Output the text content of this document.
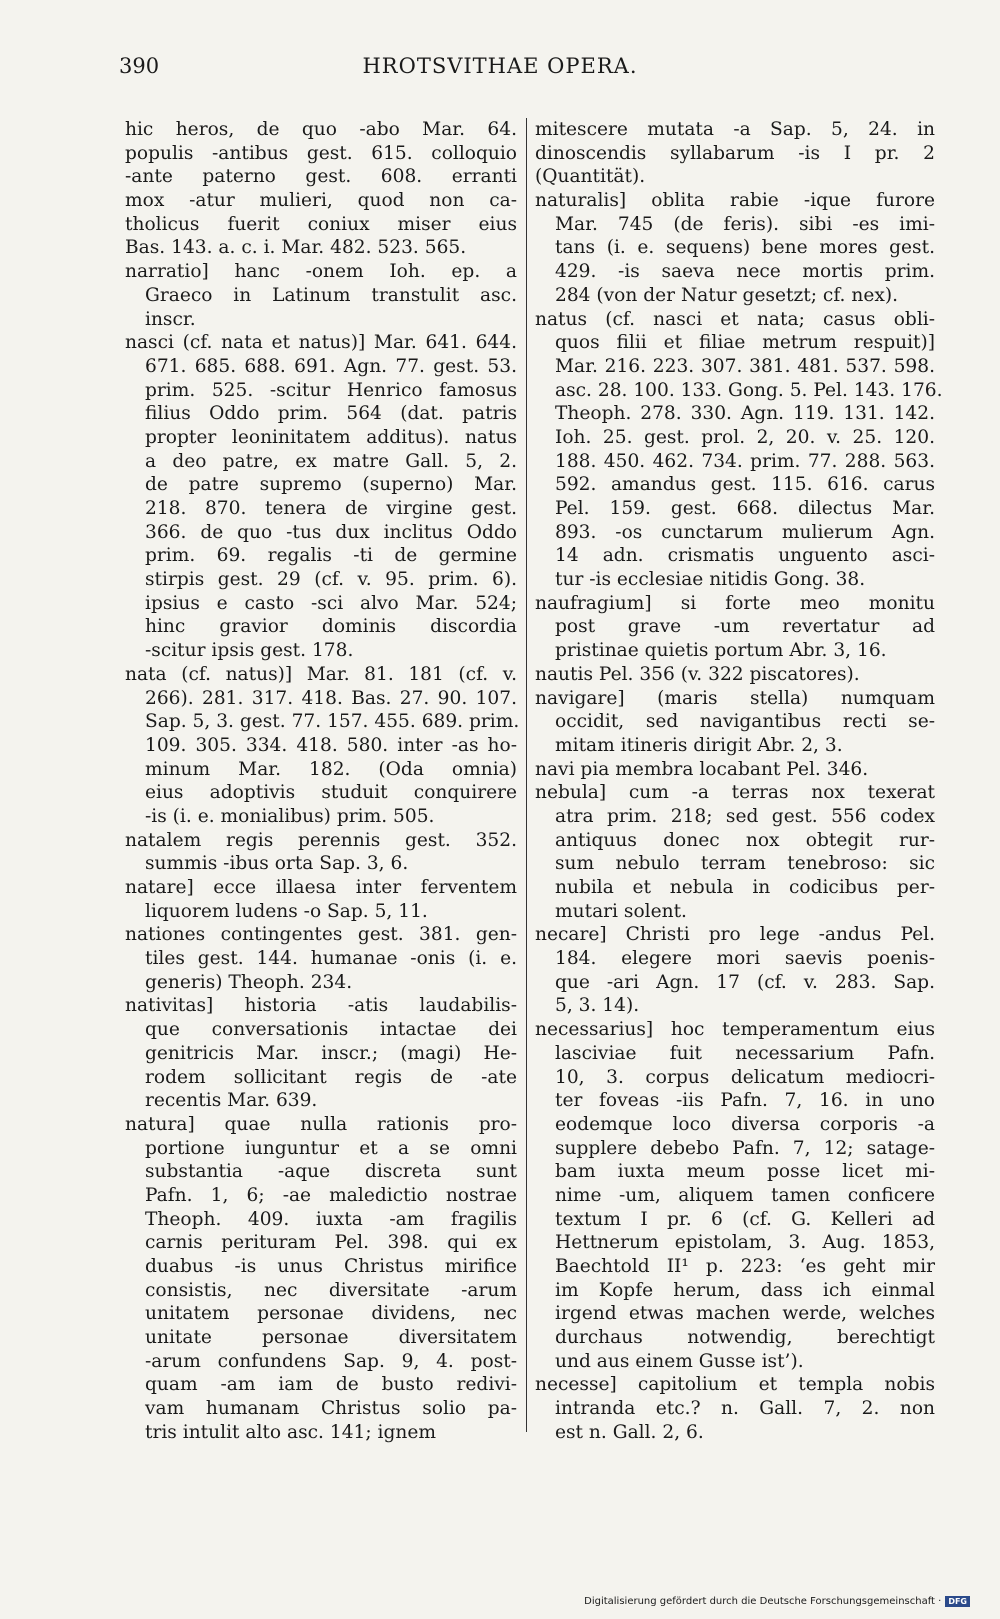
390	HROTSVITHAE OPERA.
hic heros, de quo -abo Mar. 64.
populis -antibus gest. 615. colloquio
-ante paterno gest. 608. erranti
mox -atur mulieri, quod non ca-
tholicus fuerit coniux miser eius
Bas. 143. a. c. i. Mar. 482. 523. 565.
narratio] hanc -onem Ioh. ep. a
Graeco in Latinum transtulit asc.
inscr.
nasci (cf. nata et natus)] Mar. 641. 644.
671. 685. 688. 691. Agn. 77. gest. 53.
prim. 525. -scitur Henrico famosus
filius Oddo prim. 564 (dat. patris
propter leoninitatem additus). natus
a deo patre, ex matre Gall. 5, 2.
de patre supremo (superno) Mar.
218. 870. tenera de virgine gest.
366. de quo -tus dux inclitus Oddo
prim. 69. regalis -ti de germine
stirpis gest. 29 (cf. v. 95. prim. 6).
ipsius e casto -sci alvo Mar. 524;
hinc gravior dominis discordia
-scitur ipsis gest. 178.
nata (cf. natus)] Mar. 81. 181 (cf. v.
266). 281. 317. 418. Bas. 27. 90. 107.
Sap. 5, 3. gest. 77. 157. 455. 689. prim.
109. 305. 334. 418. 580. inter -as ho-
minum Mar. 182. (Oda omnia)
eius adoptivis studuit conquirere
-is (i. e. monialibus) prim. 505.
natalem regis perennis gest. 352.
summis -ibus orta Sap. 3, 6.
natare] ecce illaesa inter ferventem
liquorem ludens -o Sap. 5, 11.
nationes contingentes gest. 381. gen-
tiles gest. 144. humanae -onis (i. e.
generis) Theoph. 234.
nativitas] historia -atis laudabilis-
que conversationis intactae dei
genitricis Mar. inscr.; (magi) He-
rodem sollicitant regis de -ate
recentis Mar. 639.
natura] quae nulla rationis pro-
portione iunguntur et a se omni
substantia -aque discreta sunt
Pafn. 1, 6; -ae maledictio nostrae
Theoph. 409. iuxta -am fragilis
carnis perituram Pel. 398. qui ex
duabus -is unus Christus mirifice
consistis, nec diversitate -arum
unitatem personae dividens, nec
unitate personae diversitatem
-arum confundens Sap. 9, 4. post-
quam -am iam de busto redivi-
vam humanam Christus solio pa-
tris intulit alto asc. 141; ignem
mitescere mutata -a Sap. 5, 24. in
dinoscendis syllabarum -is I pr. 2
(Quantität).
naturalis] oblita rabie -ique furore
Mar. 745 (de feris). sibi -es imi-
tans (i. e. sequens) bene mores gest.
429. -is saeva nece mortis prim.
284 (von der Natur gesetzt; cf. nex).
natus (cf. nasci et nata; casus obli-
quos filii et filiae metrum respuit)]
Mar. 216. 223. 307. 381. 481. 537. 598.
asc. 28. 100. 133. Gong. 5. Pel. 143. 176.
Theoph. 278. 330. Agn. 119. 131. 142.
Ioh. 25. gest. prol. 2, 20. v. 25. 120.
188. 450. 462. 734. prim. 77. 288. 563.
592. amandus gest. 115. 616. carus
Pel. 159. gest. 668. dilectus Mar.
893. -os cunctarum mulierum Agn.
14 adn. crismatis unguento asci-
tur -is ecclesiae nitidis Gong. 38.
naufragium] si forte meo monitu
post grave -um revertatur ad
pristinae quietis portum Abr. 3, 16.
nautis Pel. 356 (v. 322 piscatores).
navigare] (maris stella) numquam
occidit, sed navigantibus recti se-
mitam itineris dirigit Abr. 2, 3.
navi pia membra locabant Pel. 346.
nebula] cum -a terras nox texerat
atra prim. 218; sed gest. 556 codex
antiquus donec nox obtegit rur-
sum nebulo terram tenebroso: sic
nubila et nebula in codicibus per-
mutari solent.
necare] Christi pro lege -andus Pel.
184. elegere mori saevis poenis-
que -ari Agn. 17 (cf. v. 283. Sap.
5, 3. 14).
necessarius] hoc temperamentum eius
lasciviae fuit necessarium Pafn.
10, 3. corpus delicatum mediocri-
ter foveas -iis Pafn. 7, 16. in uno
eodemque loco diversa corporis -a
supplere debebo Pafn. 7, 12; satage-
bam iuxta meum posse licet mi-
nime -um, aliquem tamen conficere
textum I pr. 6 (cf. G. Kelleri ad
Hettnerum epistolam, 3. Aug. 1853,
Baechtold II¹ p. 223: ‘es geht mir
im Kopfe herum, dass ich einmal
irgend etwas machen werde, welches
durchaus notwendig, berechtigt
und aus einem Gusse ist’).
necesse] capitolium et templa nobis
intranda etc.? n. Gall. 7, 2. non
est n. Gall. 2, 6.
Digitalisierung gefördert durch die Deutsche Forschungsgemeinschaft · DFG
